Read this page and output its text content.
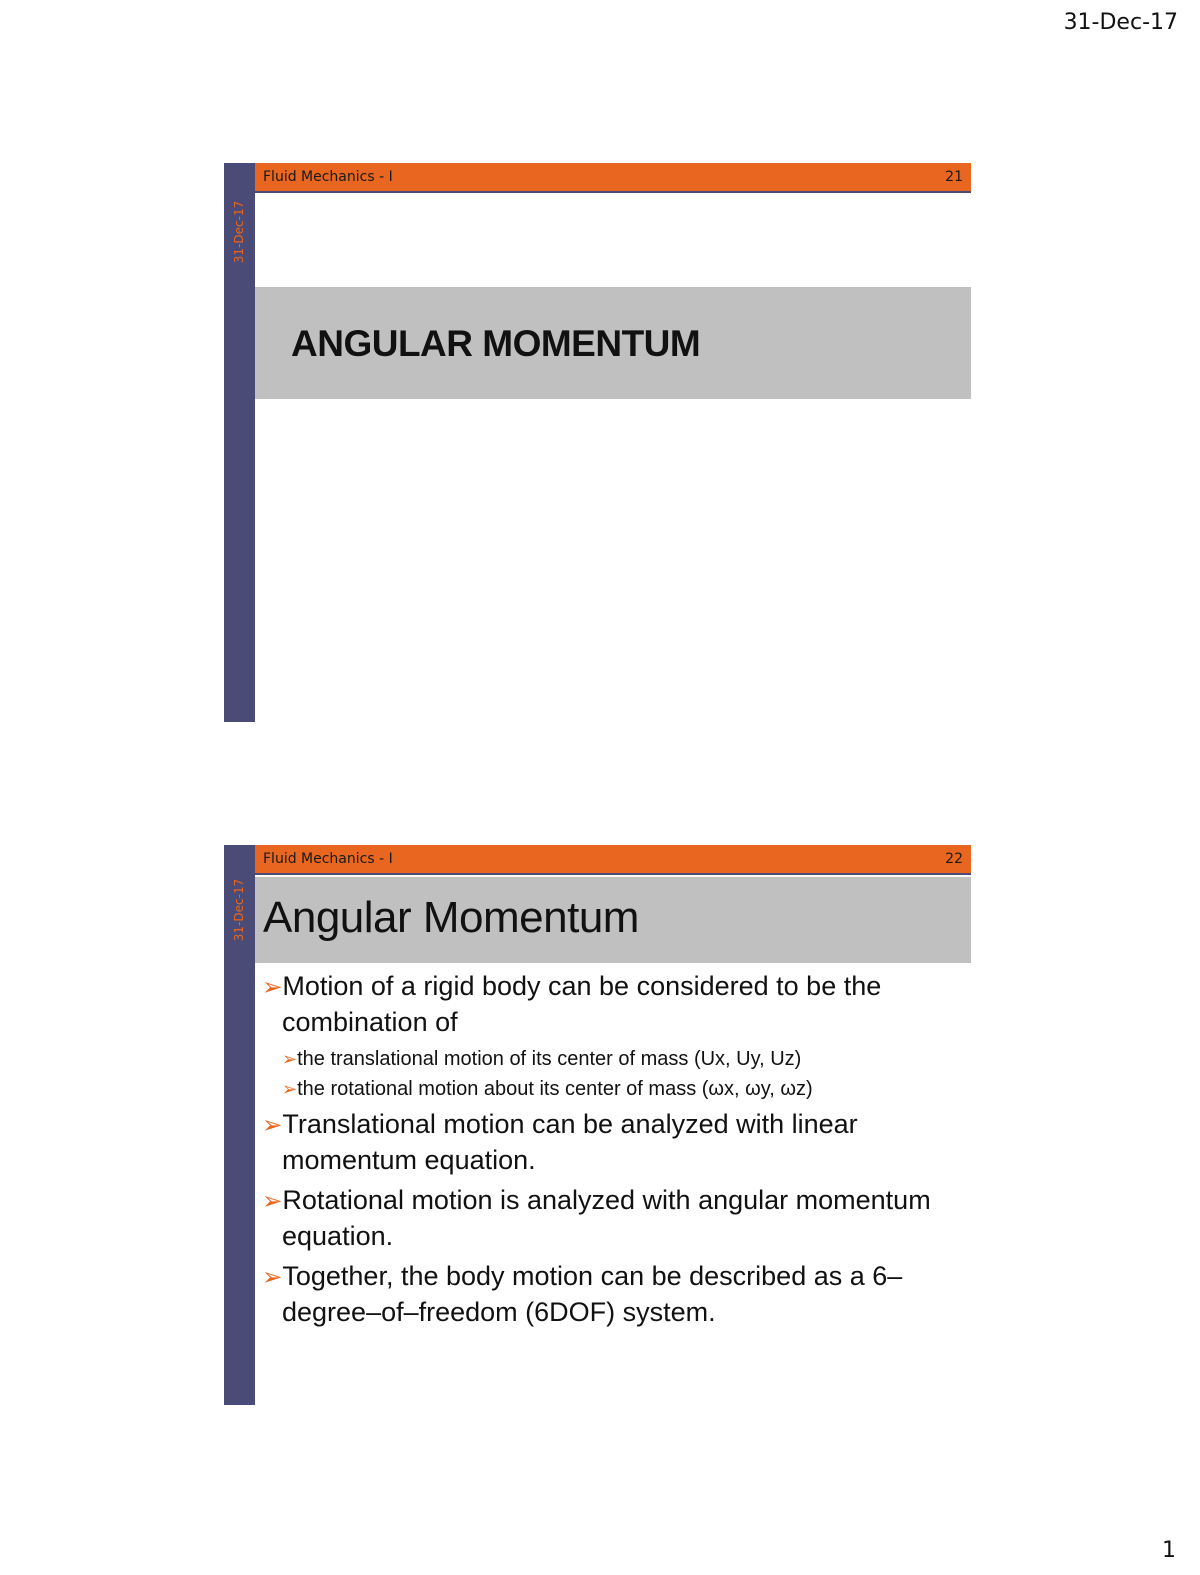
31-Dec-17
31-Dec-17
Fluid Mechanics - I	21
ANGULAR MOMENTUM
31-Dec-17
Fluid Mechanics - I	22
Angular Momentum

➢Motion of a rigid body can be considered to be the combination of

➢the translational motion of its center of mass (Ux, Uy, Uz)

➢the rotational motion about its center of mass (ωx, ωy, ωz)

➢Translational motion can be analyzed with linear momentum equation.

➢Rotational motion is analyzed with angular momentum equation.

➢Together, the body motion can be described as a 6–degree–of–freedom (6DOF) system.

1
